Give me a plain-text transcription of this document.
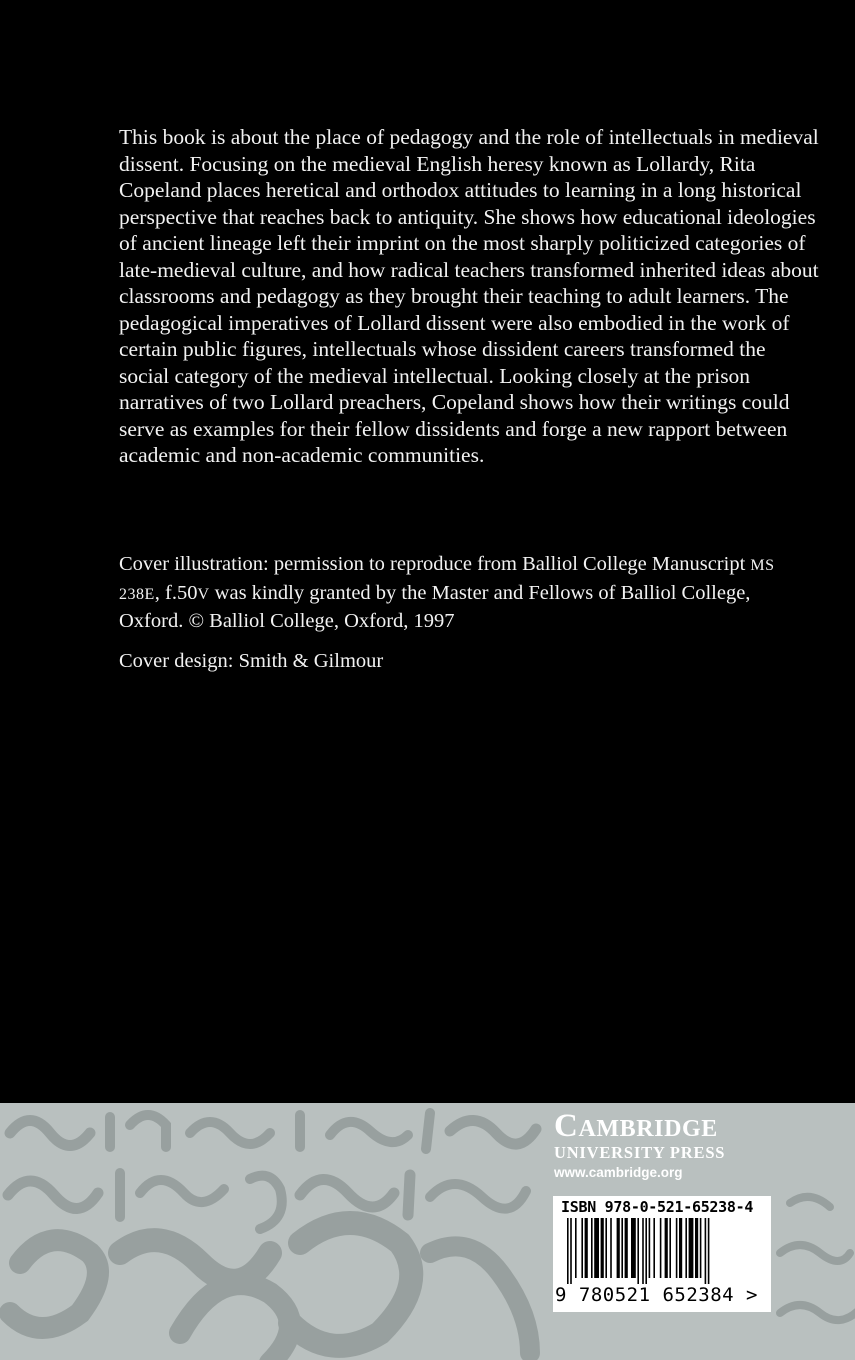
This book is about the place of pedagogy and the role of intellectuals in medieval dissent. Focusing on the medieval English heresy known as Lollardy, Rita Copeland places heretical and orthodox attitudes to learning in a long historical perspective that reaches back to antiquity. She shows how educational ideologies of ancient lineage left their imprint on the most sharply politicized categories of late-medieval culture, and how radical teachers transformed inherited ideas about classrooms and pedagogy as they brought their teaching to adult learners. The pedagogical imperatives of Lollard dissent were also embodied in the work of certain public figures, intellectuals whose dissident careers transformed the social category of the medieval intellectual. Looking closely at the prison narratives of two Lollard preachers, Copeland shows how their writings could serve as examples for their fellow dissidents and forge a new rapport between academic and non-academic communities.

Cover illustration: permission to reproduce from Balliol College Manuscript MS 238E, f.50V was kindly granted by the Master and Fellows of Balliol College, Oxford. © Balliol College, Oxford, 1997

Cover design: Smith & Gilmour

CAMBRIDGE
UNIVERSITY PRESS
www.cambridge.org
ISBN 978-0-521-65238-4
9 780521 652384 >
